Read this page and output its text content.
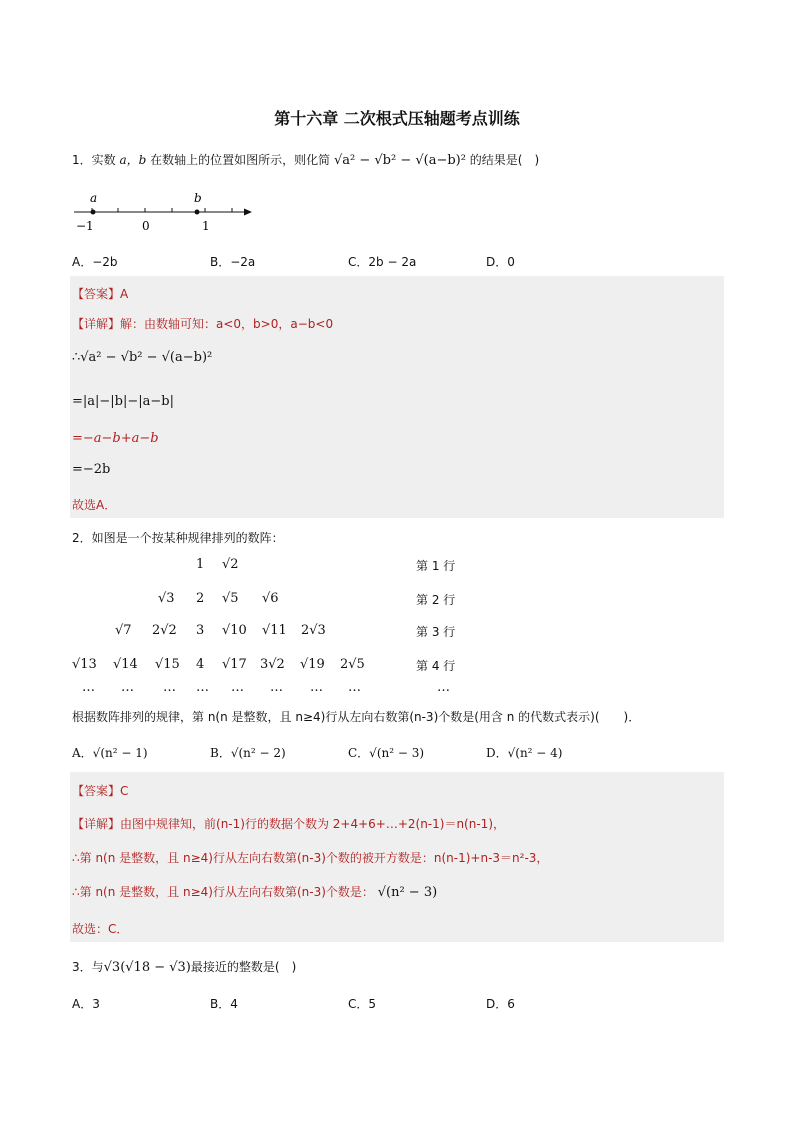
第十六章 二次根式压轴题考点训练
1．实数 a，b 在数轴上的位置如图所示，则化简 √a² − √b² − √(a−b)² 的结果是(　)
a	b
−1	0	1
A．−2b	B．−2a	C．2b − 2a	D．0
【答案】A
【详解】解：由数轴可知：a<0，b>0，a−b<0
∴√a² − √b² − √(a−b)²
=|a|−|b|−|a−b|
=−a−b+a−b
=−2b
故选A．
2．如图是一个按某种规律排列的数阵：
1 √2	第 1 行
√3 2 √5 √6	第 2 行
√7 2√2 3 √10 √11 2√3	第 3 行
√13 √14 √15 4 √17 3√2 √19 2√5	第 4 行
… … … … … … … …	…
根据数阵排列的规律，第 n(n 是整数，且 n≥4)行从左向右数第(n-3)个数是(用含 n 的代数式表示)(　　)．
A．√(n² − 1)	B．√(n² − 2)	C．√(n² − 3)	D．√(n² − 4)
【答案】C
【详解】由图中规律知，前(n-1)行的数据个数为 2+4+6+…+2(n-1)＝n(n-1)，
∴第 n(n 是整数，且 n≥4)行从左向右数第(n-3)个数的被开方数是：n(n-1)+n-3＝n²-3，
∴第 n(n 是整数，且 n≥4)行从左向右数第(n-3)个数是： √(n² − 3)
故选：C．
3．与√3(√18 − √3)最接近的整数是(　)
A．3	B．4	C．5	D．6
